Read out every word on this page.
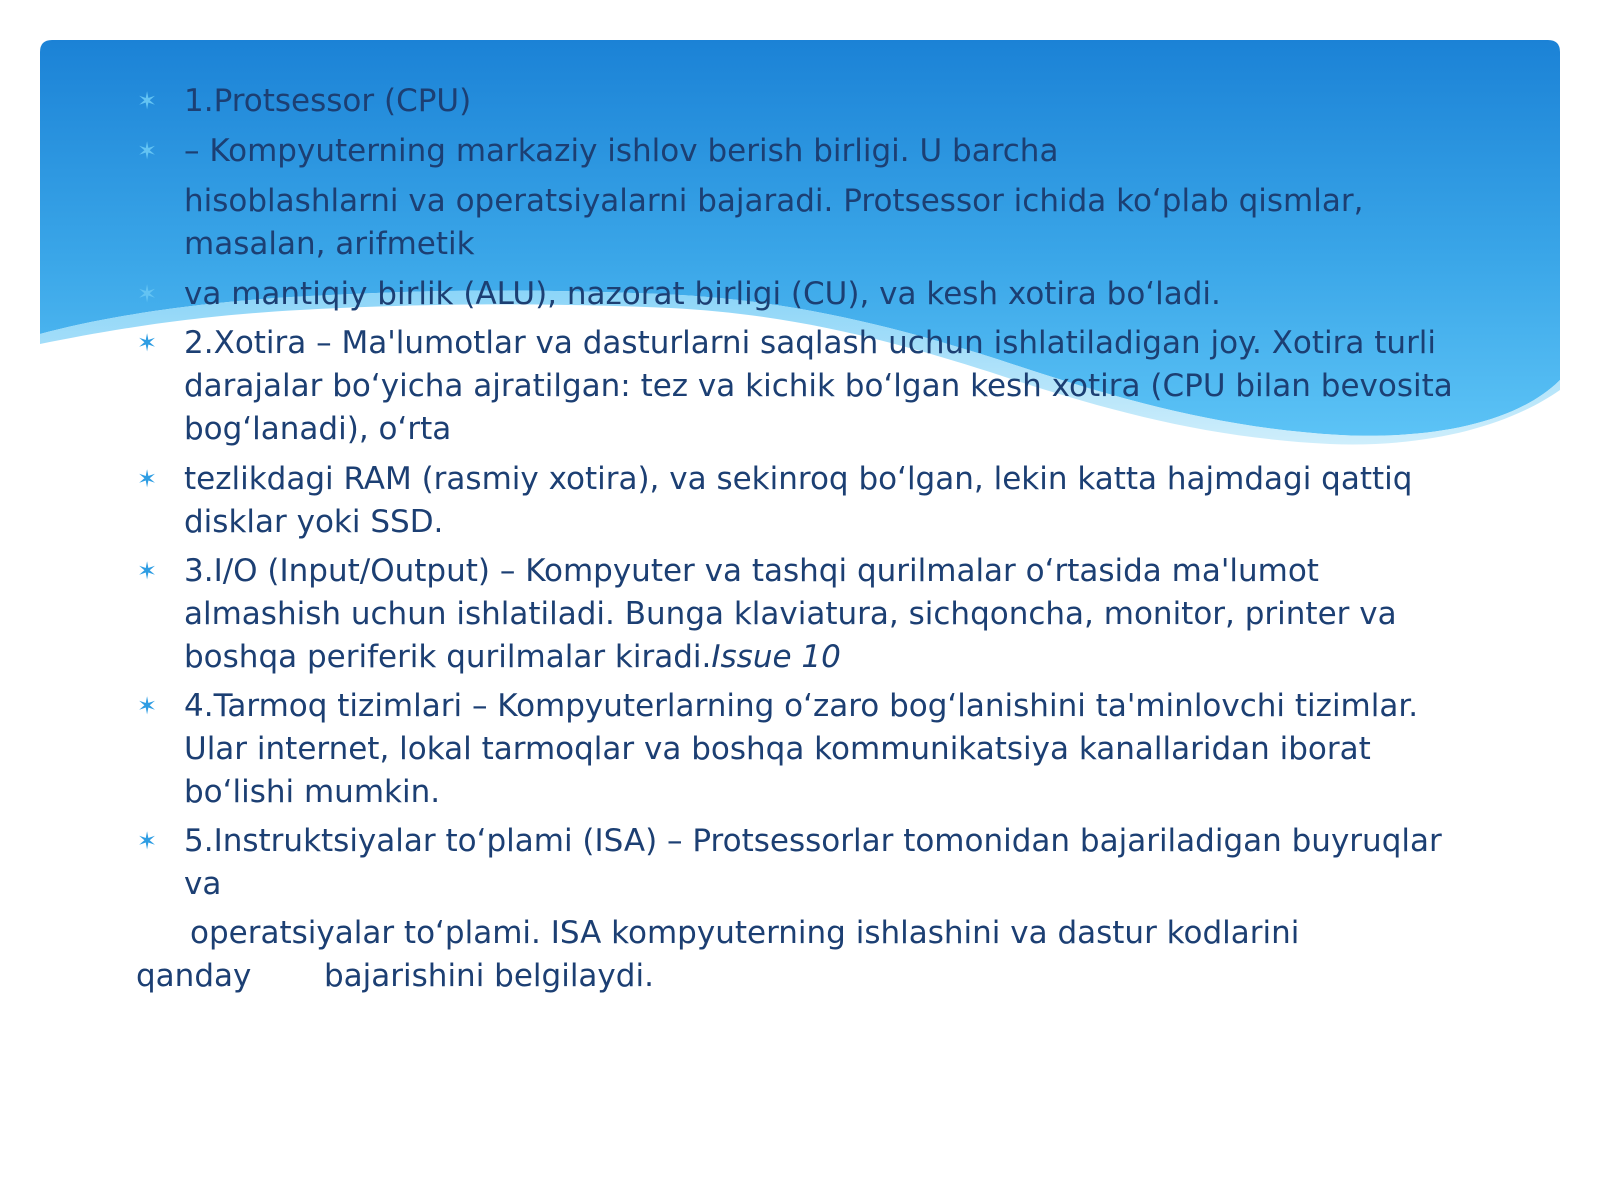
✶ 1.Protsessor (CPU)
✶ – Kompyuterning markaziy ishlov berish birligi. U barcha
hisoblashlarni va operatsiyalarni bajaradi. Protsessor ichida ko‘plab qismlar, masalan, arifmetik
✶ va mantiqiy birlik (ALU), nazorat birligi (CU), va kesh xotira bo‘ladi.
✶ 2.Xotira – Ma'lumotlar va dasturlarni saqlash uchun ishlatiladigan joy. Xotira turli darajalar bo‘yicha ajratilgan: tez va kichik bo‘lgan kesh xotira (CPU bilan bevosita bog‘lanadi), o‘rta
✶ tezlikdagi RAM (rasmiy xotira), va sekinroq bo‘lgan, lekin katta hajmdagi qattiq disklar yoki SSD.
✶ 3.I/O (Input/Output) – Kompyuter va tashqi qurilmalar o‘rtasida ma'lumot almashish uchun ishlatiladi. Bunga klaviatura, sichqoncha, monitor, printer va boshqa periferik qurilmalar kiradi.Issue 10
✶ 4.Tarmoq tizimlari – Kompyuterlarning o‘zaro bog‘lanishini ta'minlovchi tizimlar. Ular internet, lokal tarmoqlar va boshqa kommunikatsiya kanallaridan iborat bo‘lishi mumkin.
✶ 5.Instruktsiyalar to‘plami (ISA) – Protsessorlar tomonidan bajariladigan buyruqlar va
operatsiyalar to‘plami. ISA kompyuterning ishlashini va dastur kodlarini
qanday bajarishini belgilaydi.
